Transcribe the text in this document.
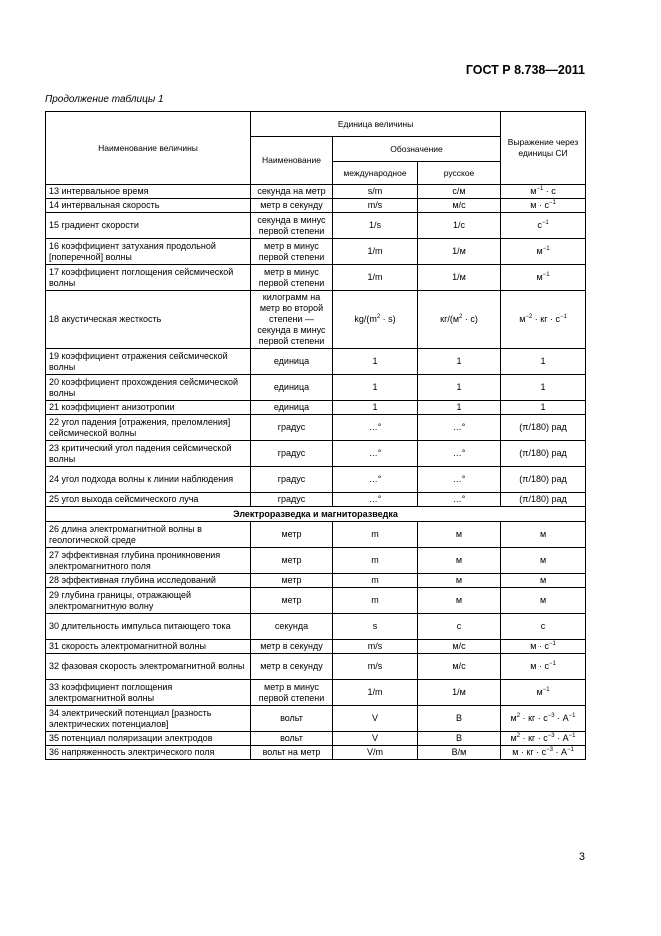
ГОСТ Р 8.738—2011
Продолжение таблицы 1
Наименование величины	Единица величины			Выражение через единицы СИ
	Наименование	Обозначение		
		международное	русское	
13 интервальное время	секунда на метр	s/m	с/м	$м^{-1} \cdot с$
14 интервальная скорость	метр в секунду	m/s	м/с	$м \cdot с^{-1}$
15 градиент скорости	секунда в минус первой степени	1/s	1/с	$с^{-1}$
16 коэффициент затухания продольной [поперечной] волны	метр в минус первой степени	1/m	1/м	$м^{-1}$
17 коэффициент поглощения сейсмической волны	метр в минус первой степени	1/m	1/м	$м^{-1}$
18 акустическая жесткость	килограмм на метр во второй степени — секунда в минус первой степени	$kg/(m^2 \cdot s)$	$кг/(м^2 \cdot с)$	$м^{-2}$ · кг · $с^{-1}$
19 коэффициент отражения сейсмической волны	единица	1	1	1
20 коэффициент прохождения сейсмической волны	единица	1	1	1
21 коэффициент анизотропии	единица	1	1	1
22 угол падения [отражения, преломления] сейсмической волны	градус	…°	…°	(π/180) рад
23 критический угол падения сейсмической волны	градус	…°	…°	(π/180) рад
24 угол подхода волны к линии наблюдения	градус	…°	…°	(π/180) рад
25 угол выхода сейсмического луча	градус	…°	…°	(π/180) рад
Электроразведка и магниторазведка				
26 длина электромагнитной волны в геологической среде	метр	m	м	м
27 эффективная глубина проникновения электромагнитного поля	метр	m	м	м
28 эффективная глубина исследований	метр	m	м	м
29 глубина границы, отражающей электромагнитную волну	метр	m	м	м
30 длительность импульса питающего тока	секунда	s	с	с
31 скорость электромагнитной волны	метр в секунду	m/s	м/с	$м \cdot с^{-1}$
32 фазовая скорость электромагнитной волны	метр в секунду	m/s	м/с	$м \cdot с^{-1}$
33 коэффициент поглощения электромагнитной волны	метр в минус первой степени	1/m	1/м	$м^{-1}$
34 электрический потенциал [разность электрических потенциалов]	вольт	V	В	$м^2$ · кг · $с^{-3} \cdot А^{-1}$
35 потенциал поляризации электродов	вольт	V	В	$м^2$ · кг · $с^{-3} \cdot А^{-1}$
36 напряженность электрического поля	вольт на метр	V/m	В/м	м · кг · $с^{-3} \cdot А^{-1}$
3
